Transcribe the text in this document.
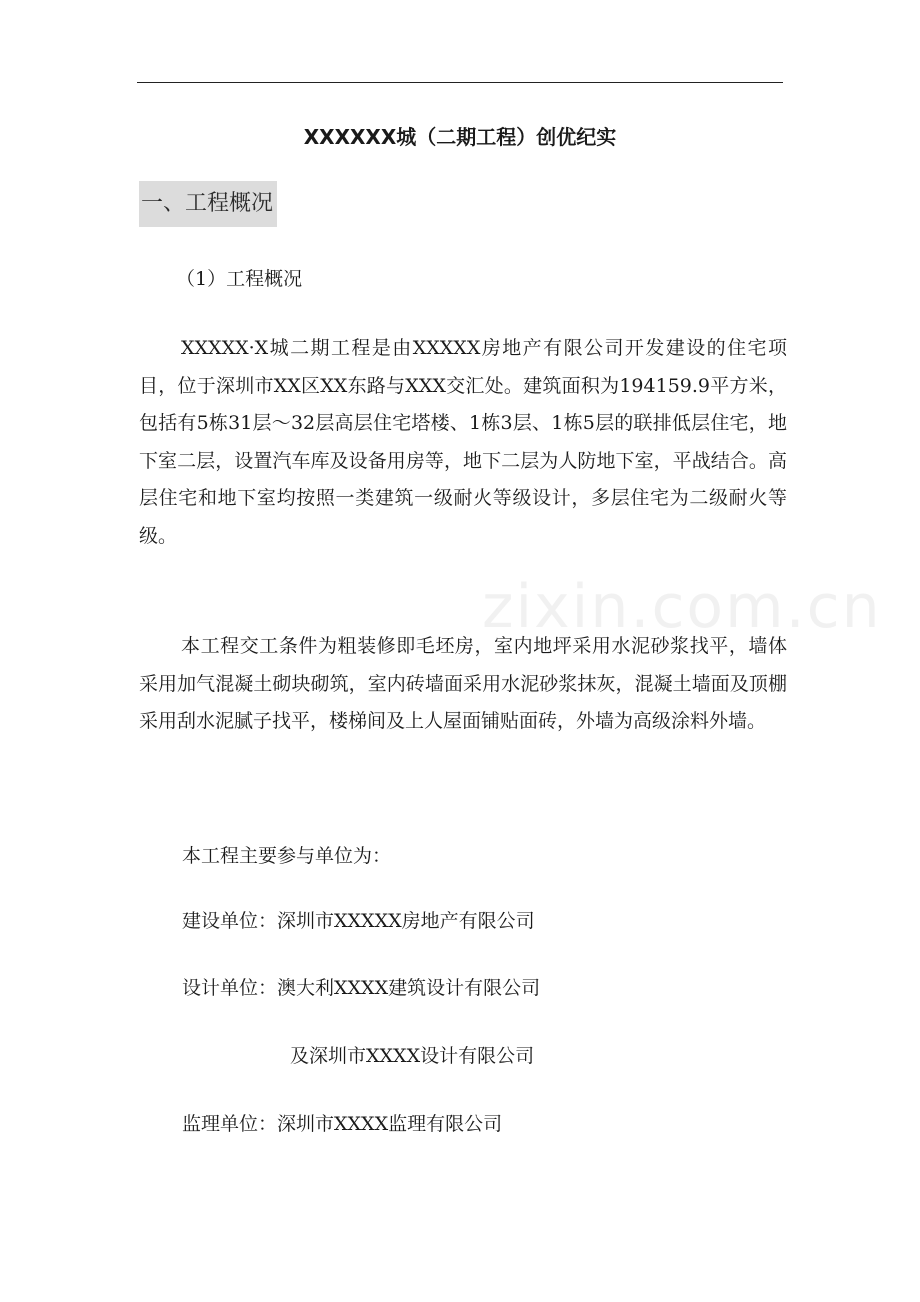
XXXXXX城（二期工程）创优纪实
一、工程概况
（1）工程概况

XXXXX·X城二期工程是由XXXXX房地产有限公司开发建设的住宅项目，位于深圳市XX区XX东路与XXX交汇处。建筑面积为194159.9平方米，包括有5栋31层～32层高层住宅塔楼、1栋3层、1栋5层的联排低层住宅，地下室二层，设置汽车库及设备用房等，地下二层为人防地下室，平战结合。高层住宅和地下室均按照一类建筑一级耐火等级设计，多层住宅为二级耐火等级。

zixin.com.cn

本工程交工条件为粗装修即毛坯房，室内地坪采用水泥砂浆找平，墙体采用加气混凝土砌块砌筑，室内砖墙面采用水泥砂浆抹灰，混凝土墙面及顶棚采用刮水泥腻子找平，楼梯间及上人屋面铺贴面砖，外墙为高级涂料外墙。

本工程主要参与单位为：
建设单位：深圳市XXXXX房地产有限公司
设计单位：澳大利XXXX建筑设计有限公司
及深圳市XXXX设计有限公司
监理单位：深圳市XXXX监理有限公司
